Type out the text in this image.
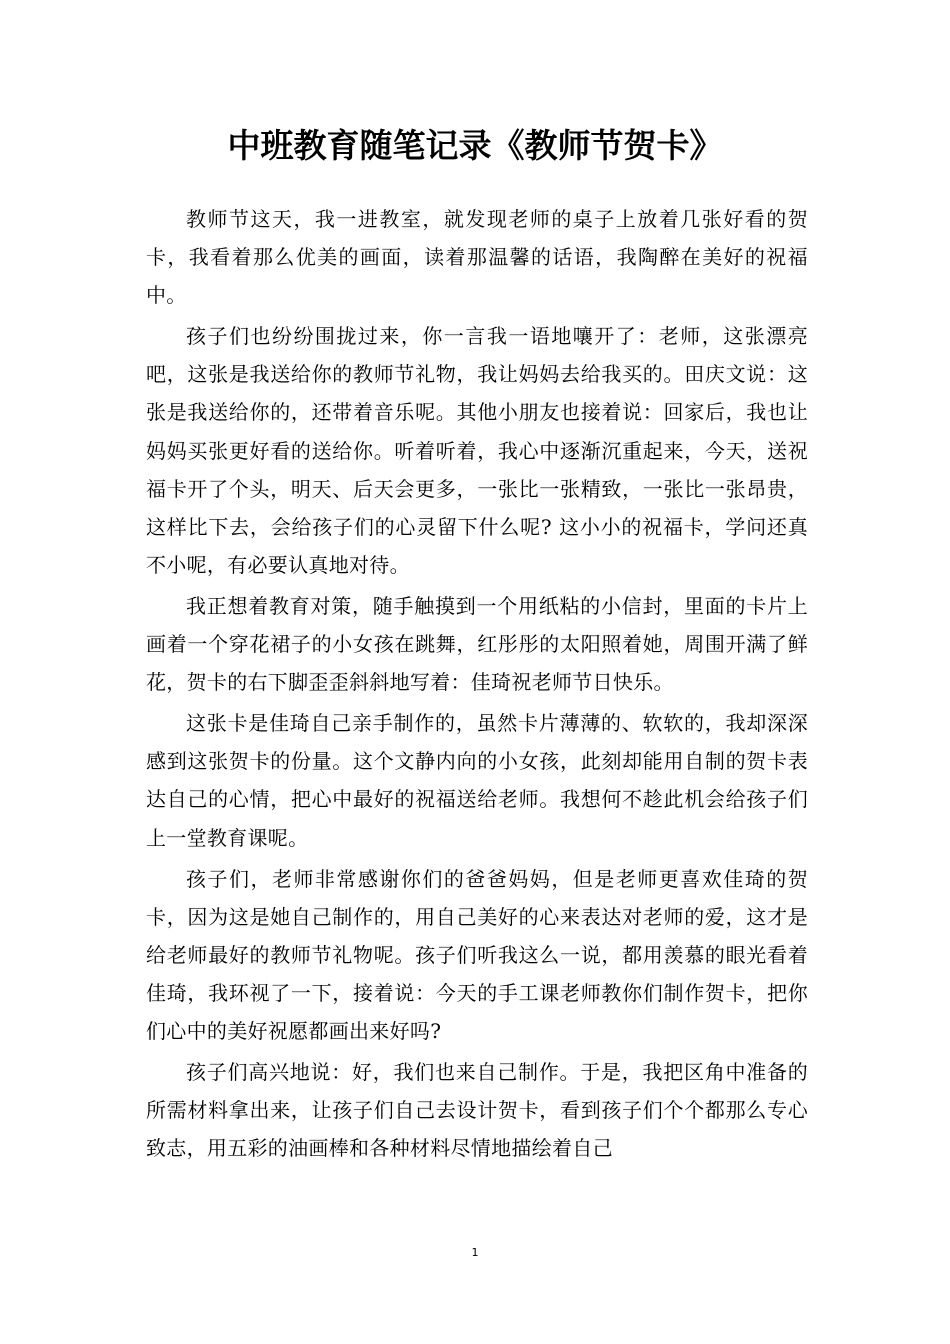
中班教育随笔记录《教师节贺卡》

教师节这天，我一进教室，就发现老师的桌子上放着几张好看的贺卡，我看着那么优美的画面，读着那温馨的话语，我陶醉在美好的祝福中。

孩子们也纷纷围拢过来，你一言我一语地嚷开了：老师，这张漂亮吧，这张是我送给你的教师节礼物，我让妈妈去给我买的。田庆文说：这张是我送给你的，还带着音乐呢。其他小朋友也接着说：回家后，我也让妈妈买张更好看的送给你。听着听着，我心中逐渐沉重起来，今天，送祝福卡开了个头，明天、后天会更多，一张比一张精致，一张比一张昂贵，这样比下去，会给孩子们的心灵留下什么呢? 这小小的祝福卡，学问还真不小呢，有必要认真地对待。

我正想着教育对策，随手触摸到一个用纸粘的小信封，里面的卡片上画着一个穿花裙子的小女孩在跳舞，红彤彤的太阳照着她，周围开满了鲜花，贺卡的右下脚歪歪斜斜地写着：佳琦祝老师节日快乐。

这张卡是佳琦自己亲手制作的，虽然卡片薄薄的、软软的，我却深深感到这张贺卡的份量。这个文静内向的小女孩，此刻却能用自制的贺卡表达自己的心情，把心中最好的祝福送给老师。我想何不趁此机会给孩子们上一堂教育课呢。

孩子们，老师非常感谢你们的爸爸妈妈，但是老师更喜欢佳琦的贺卡，因为这是她自己制作的，用自己美好的心来表达对老师的爱，这才是给老师最好的教师节礼物呢。孩子们听我这么一说，都用羡慕的眼光看着佳琦，我环视了一下，接着说：今天的手工课老师教你们制作贺卡，把你们心中的美好祝愿都画出来好吗?

孩子们高兴地说：好，我们也来自己制作。于是，我把区角中准备的所需材料拿出来，让孩子们自己去设计贺卡，看到孩子们个个都那么专心致志，用五彩的油画棒和各种材料尽情地描绘着自己

1
